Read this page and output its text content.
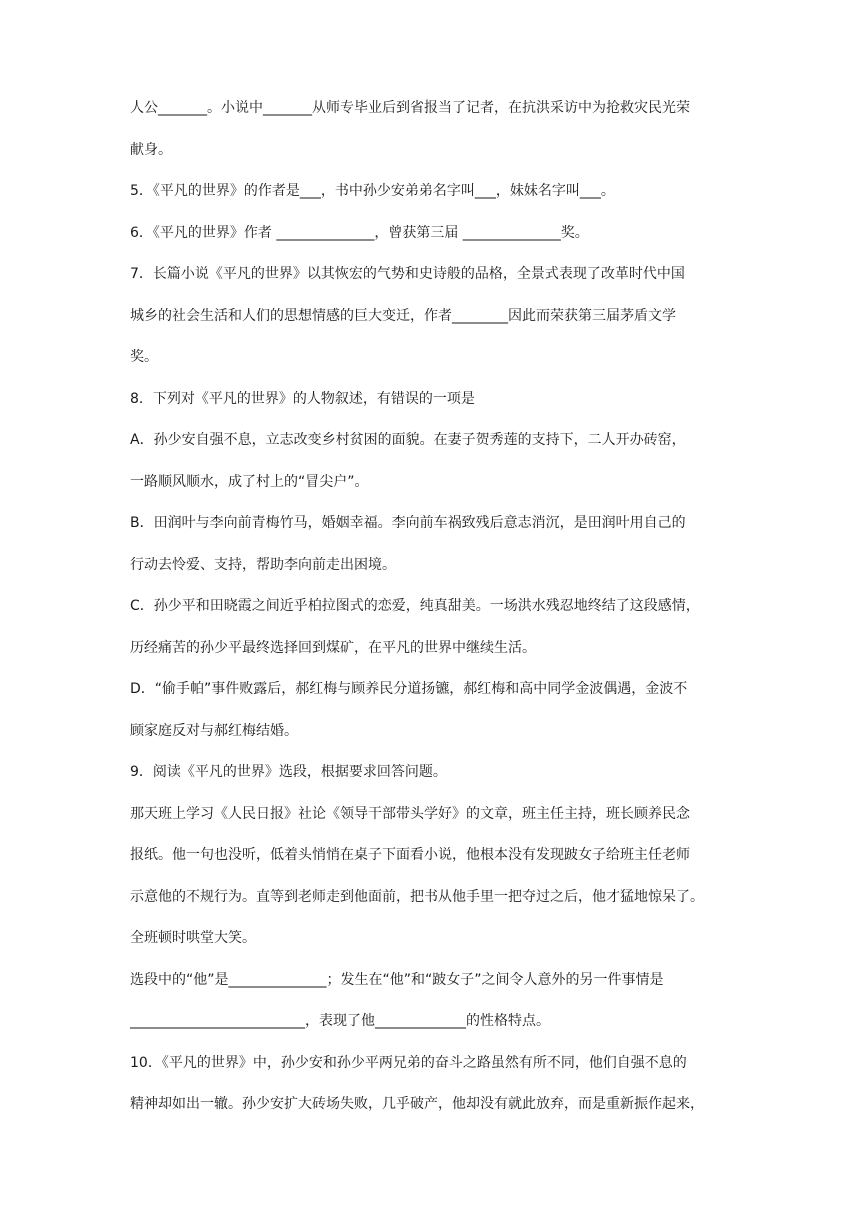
人公_______。小说中_______从师专毕业后到省报当了记者，在抗洪采访中为抢救灾民光荣

献身。

5．《平凡的世界》的作者是___，书中孙少安弟弟名字叫___，妹妹名字叫___。

6．《平凡的世界》作者 ______________，曾获第三届 ______________奖。

7．长篇小说《平凡的世界》以其恢宏的气势和史诗般的品格，全景式表现了改革时代中国

城乡的社会生活和人们的思想情感的巨大变迁，作者________因此而荣获第三届茅盾文学

奖。

8．下列对《平凡的世界》的人物叙述，有错误的一项是

A．孙少安自强不息，立志改变乡村贫困的面貌。在妻子贺秀莲的支持下，二人开办砖窑，

一路顺风顺水，成了村上的“冒尖户”。

B．田润叶与李向前青梅竹马，婚姻幸福。李向前车祸致残后意志消沉，是田润叶用自己的

行动去怜爱、支持，帮助李向前走出困境。

C．孙少平和田晓霞之间近乎柏拉图式的恋爱，纯真甜美。一场洪水残忍地终结了这段感情，

历经痛苦的孙少平最终选择回到煤矿，在平凡的世界中继续生活。

D．“偷手帕”事件败露后，郝红梅与顾养民分道扬镳，郝红梅和高中同学金波偶遇，金波不

顾家庭反对与郝红梅结婚。

9．阅读《平凡的世界》选段，根据要求回答问题。

那天班上学习《人民日报》社论《领导干部带头学好》的文章，班主任主持，班长顾养民念

报纸。他一句也没听，低着头悄悄在桌子下面看小说，他根本没有发现跛女子给班主任老师

示意他的不规行为。直等到老师走到他面前，把书从他手里一把夺过之后，他才猛地惊呆了。

全班顿时哄堂大笑。

选段中的“他”是______________；发生在“他”和“跛女子”之间令人意外的另一件事情是

_________________________，表现了他_____________的性格特点。

10．《平凡的世界》中，孙少安和孙少平两兄弟的奋斗之路虽然有所不同，他们自强不息的

精神却如出一辙。孙少安扩大砖场失败，几乎破产，他却没有就此放弃，而是重新振作起来，
